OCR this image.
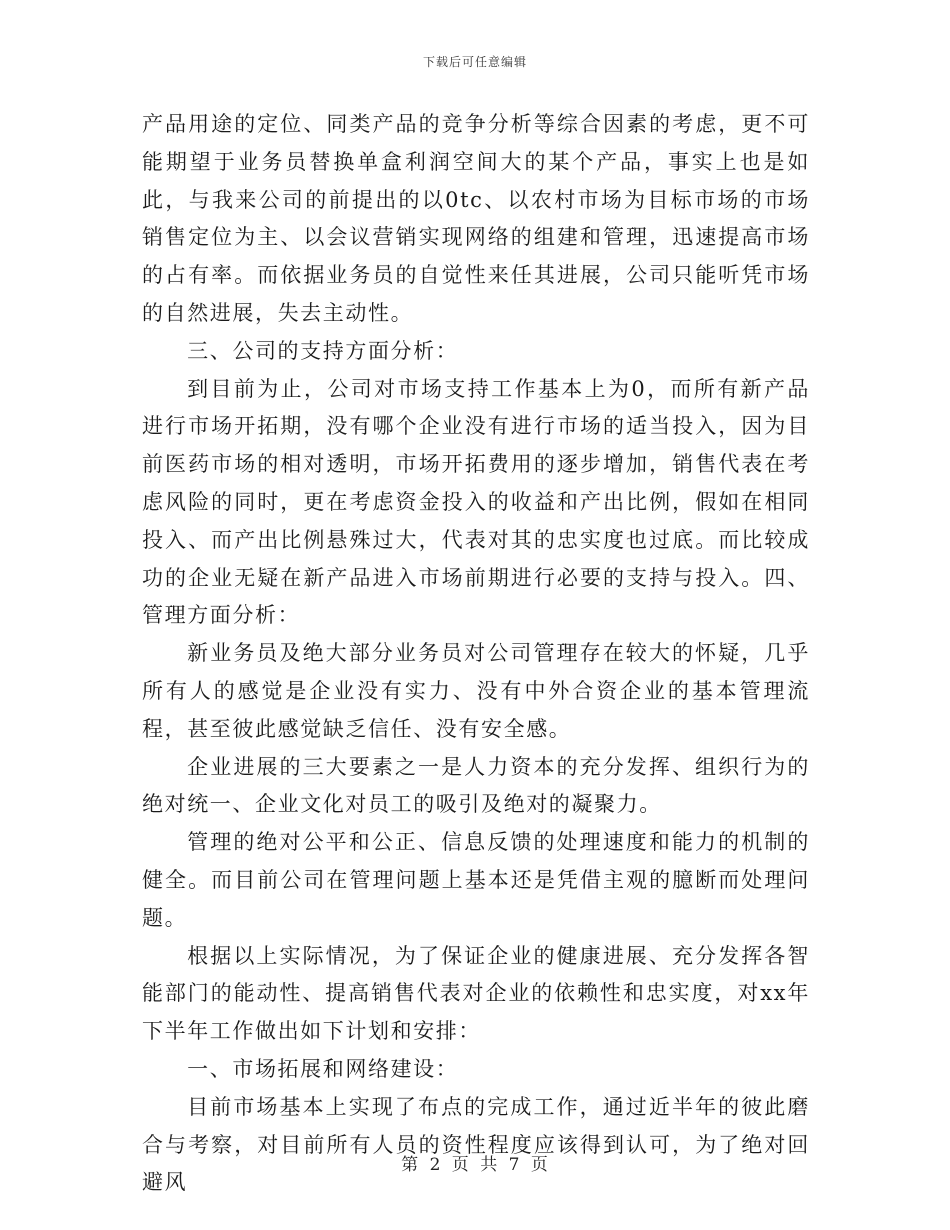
下载后可任意编辑

产品用途的定位、同类产品的竞争分析等综合因素的考虑，更不可能期望于业务员替换单盒利润空间大的某个产品，事实上也是如此，与我来公司的前提出的以0tc、以农村市场为目标市场的市场销售定位为主、以会议营销实现网络的组建和管理，迅速提高市场的占有率。而依据业务员的自觉性来任其进展，公司只能听凭市场的自然进展，失去主动性。

三、公司的支持方面分析：

到目前为止，公司对市场支持工作基本上为0，而所有新产品进行市场开拓期，没有哪个企业没有进行市场的适当投入，因为目前医药市场的相对透明，市场开拓费用的逐步增加，销售代表在考虑风险的同时，更在考虑资金投入的收益和产出比例，假如在相同投入、而产出比例悬殊过大，代表对其的忠实度也过底。而比较成功的企业无疑在新产品进入市场前期进行必要的支持与投入。四、管理方面分析：

新业务员及绝大部分业务员对公司管理存在较大的怀疑，几乎所有人的感觉是企业没有实力、没有中外合资企业的基本管理流程，甚至彼此感觉缺乏信任、没有安全感。

企业进展的三大要素之一是人力资本的充分发挥、组织行为的绝对统一、企业文化对员工的吸引及绝对的凝聚力。

管理的绝对公平和公正、信息反馈的处理速度和能力的机制的健全。而目前公司在管理问题上基本还是凭借主观的臆断而处理问题。

根据以上实际情况，为了保证企业的健康进展、充分发挥各智能部门的能动性、提高销售代表对企业的依赖性和忠实度，对xx年下半年工作做出如下计划和安排：

一、市场拓展和网络建设：

目前市场基本上实现了布点的完成工作，通过近半年的彼此磨合与考察，对目前所有人员的资性程度应该得到认可，为了绝对回避风

第 2 页 共 7 页
